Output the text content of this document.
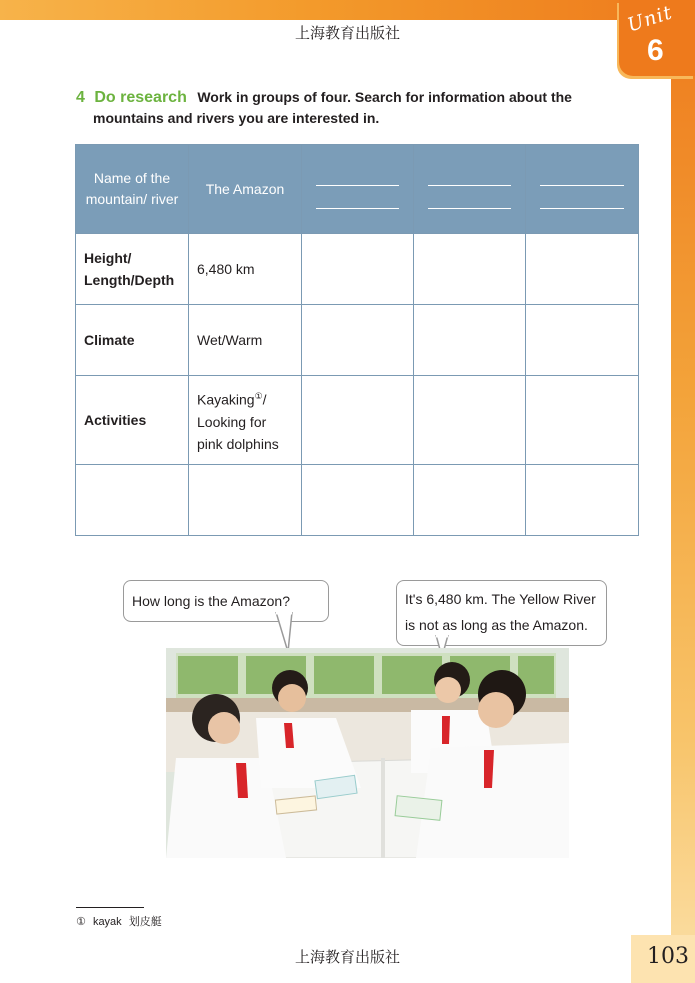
上海教育出版社	Unit
6
4 Do research Work in groups of four. Search for information about the
mountains and rivers you are interested in.
Name of the mountain/ river	The Amazon	

Height/ Length/Depth	6,480 km			
Climate	Wet/Warm			
Activities	Kayaking①/ Looking for pink dolphins			

How long is the Amazon?	It's 6,480 km. The Yellow River is not as long as the Amazon.
① kayak 划皮艇
上海教育出版社	103
